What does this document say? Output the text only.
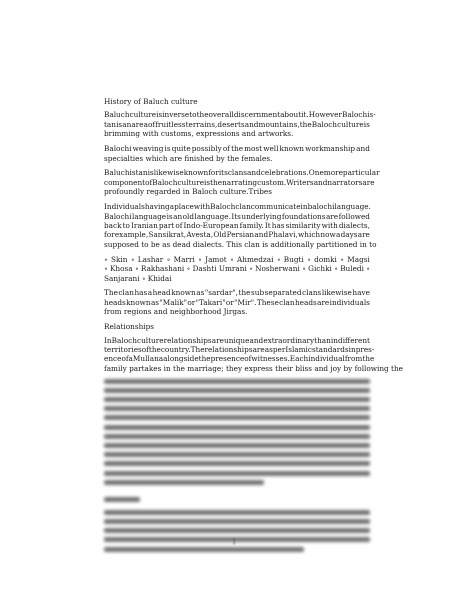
History of Baluch culture
Baluch culture is inverse to the overall discernment about it. However Balochis-
tan is an area of fruitless terrains, deserts and mountains, the Baloch culture is
brimming with customs, expressions and artworks.
Balochi weaving is quite possibly of the most well known workmanship and
specialties which are finished by the females.
Baluchistan is likewise known for its clans and celebrations. One more particular
component of Baloch culture is the narrating custom. Writers and narrators are
profoundly regarded in Baloch culture.Tribes
Individuals having a place with Baloch clan communicate in balochi language.
Balochi language is an old language. Its underlying foundations are followed
back to Iranian part of Indo-European family. It has similarity with dialects,
for example, Sansikrat, Avesta, Old Persian and Phalavi, which now a days are
supposed to be as dead dialects. This clan is additionally partitioned in to
∘ Skin ∘ Lashar ∘ Marri ∘ Jamot ∘ Ahmedzai ∘ Bugti ∘ domki ∘ Magsi
∘ Khosa ∘ Rakhashani ∘ Dashti Umrani ∘ Nosherwani ∘ Gichki ∘ Buledi ∘
Sanjarani ∘ Khidai
The clan has a head known as "sardar", the sub separated clans likewise have
heads known as "Malik" or "Takari" or "Mir". These clan heads are individuals
from regions and neighborhood Jirgas.
Relationships
In Baloch culture relationships are unique and extraordinary than in different
territories of the country. The relationships are as per Islamic standards in pres-
ence of a Mullana alongside the presence of witnesses. Each individual from the
family partakes in the marriage; they express their bliss and joy by following the
1
